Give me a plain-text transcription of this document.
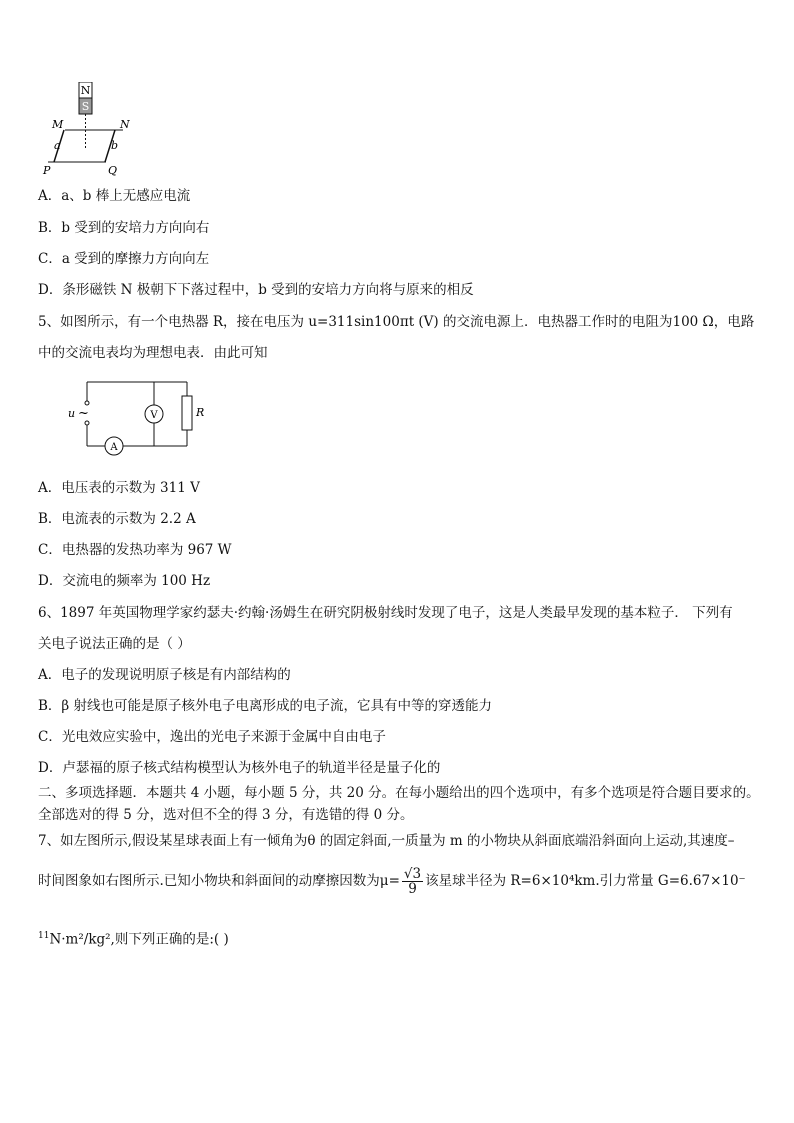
N
S
M	N
P	Q
a	b
A．a、b 棒上无感应电流
B．b 受到的安培力方向向右
C．a 受到的摩擦力方向向左
D．条形磁铁 N 极朝下下落过程中，b 受到的安培力方向将与原来的相反
5、如图所示，有一个电热器 R，接在电压为 u=311sin100πt (V) 的交流电源上．电热器工作时的电阻为100 Ω，电路
中的交流电表均为理想电表．由此可知
A
V	R
u ~
A．电压表的示数为 311 V
B．电流表的示数为 2.2 A
C．电热器的发热功率为 967 W
D．交流电的频率为 100 Hz
6、1897 年英国物理学家约瑟夫·约翰·汤姆生在研究阴极射线时发现了电子，这是人类最早发现的基本粒子． 下列有
关电子说法正确的是（ ）
A．电子的发现说明原子核是有内部结构的
B．β 射线也可能是原子核外电子电离形成的电子流，它具有中等的穿透能力
C．光电效应实验中，逸出的光电子来源于金属中自由电子
D．卢瑟福的原子核式结构模型认为核外电子的轨道半径是量子化的
二、多项选择题．本题共 4 小题，每小题 5 分，共 20 分。在每小题给出的四个选项中，有多个选项是符合题目要求的。
全部选对的得 5 分，选对但不全的得 3 分，有选错的得 0 分。
7、如左图所示,假设某星球表面上有一倾角为θ 的固定斜面,一质量为 m 的小物块从斜面底端沿斜面向上运动,其速度–
时间图象如右图所示.已知小物块和斜面间的动摩擦因数为$\mu= \frac{√3}{9}$ 该星球半径为 R=6×10⁴km.引力常量 G=6.67×10⁻
$^{11}$N·m²/kg²,则下列正确的是:( )
